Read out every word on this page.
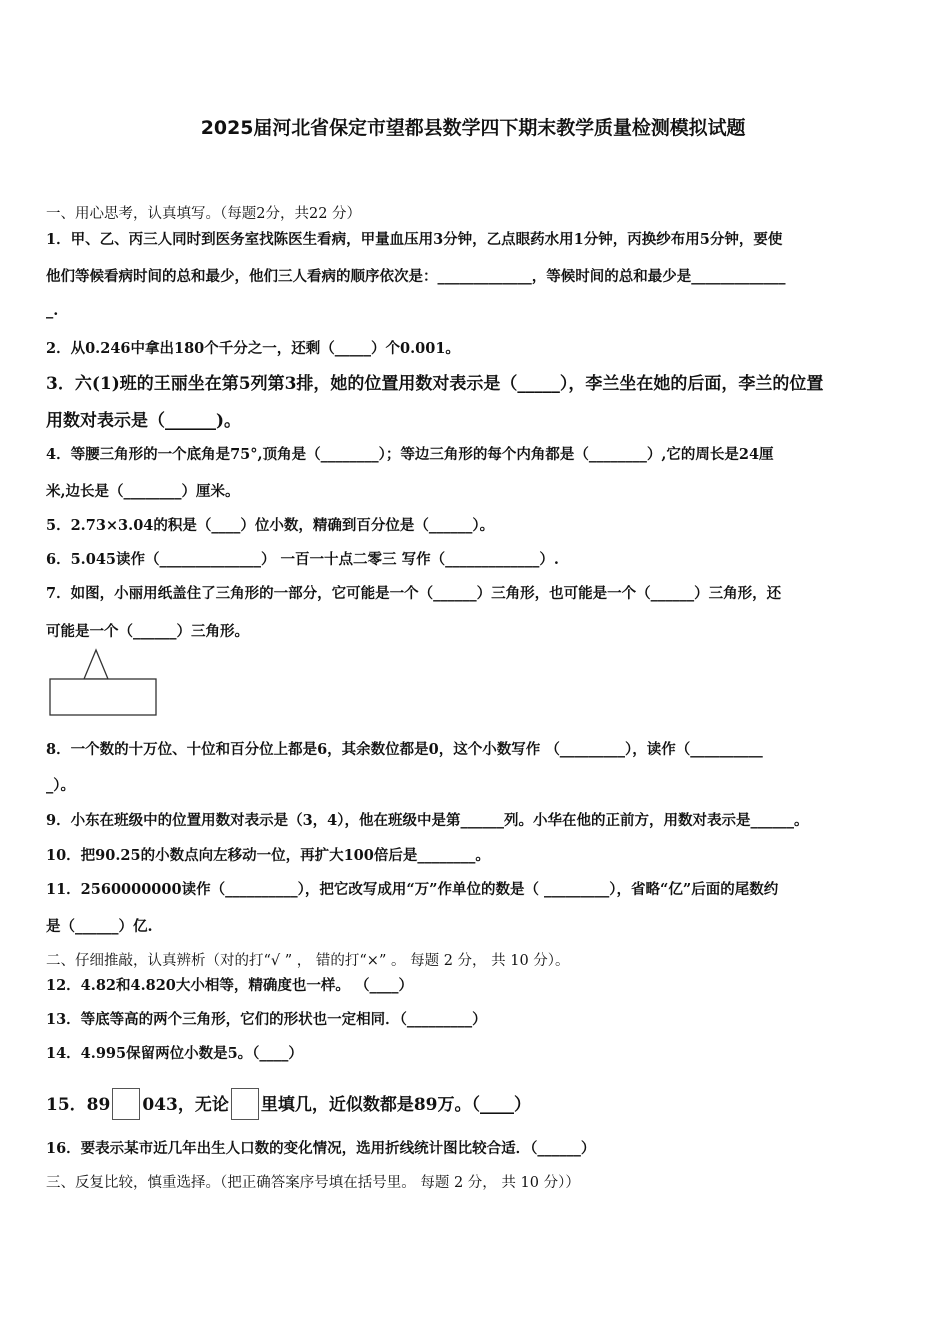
2025届河北省保定市望都县数学四下期末教学质量检测模拟试题
一、用心思考，认真填写。（每题2分，共22 分）
1．甲、乙、丙三人同时到医务室找陈医生看病，甲量血压用3分钟，乙点眼药水用1分钟，丙换纱布用5分钟，要使
他们等候看病时间的总和最少，他们三人看病的顺序依次是：_____________，等候时间的总和最少是_____________
_.
2．从0.246中拿出180个千分之一，还剩（_____）个0.001。
3．六(1)班的王丽坐在第5列第3排，她的位置用数对表示是（_____），李兰坐在她的后面，李兰的位置
用数对表示是（______)。
4．等腰三角形的一个底角是75°,顶角是（________）；等边三角形的每个内角都是（________）,它的周长是24厘
米,边长是（________）厘米。
5．2.73×3.04的积是（____）位小数，精确到百分位是（______）。
6．5.045读作（______________） 一百一十点二零三 写作（_____________）.
7．如图，小丽用纸盖住了三角形的一部分，它可能是一个（______）三角形，也可能是一个（______）三角形，还
可能是一个（______）三角形。
8．一个数的十万位、十位和百分位上都是6，其余数位都是0，这个小数写作 （_________），读作（__________
_）。
9．小东在班级中的位置用数对表示是（3，4），他在班级中是第______列。小华在他的正前方，用数对表示是______。
10．把90.25的小数点向左移动一位，再扩大100倍后是________。
11．2560000000读作（__________），把它改写成用“万”作单位的数是（ _________），省略“亿”后面的尾数约
是（______）亿.
二、仔细推敲，认真辨析（对的打“√ ” ， 错的打“×” 。 每题 2 分， 共 10 分）。
12．4.82和4.820大小相等，精确度也一样。 （____）
13．等底等高的两个三角形，它们的形状也一定相同．（_________）
14．4.995保留两位小数是5。（____）
15．89 043，无论 里填几，近似数都是89万。（____）
16．要表示某市近几年出生人口数的变化情况，选用折线统计图比较合适．（______）
三、反复比较，慎重选择。（把正确答案序号填在括号里。 每题 2 分， 共 10 分））
